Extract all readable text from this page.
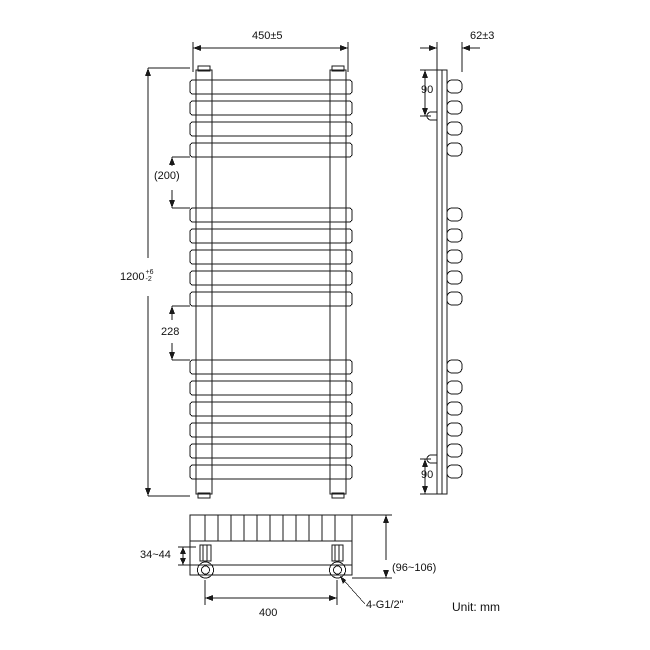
450±5
1200 +6
-2
(200)
228
62±3
90
90
400
34~44
(96~106)
4-G1/2"	Unit: mm
